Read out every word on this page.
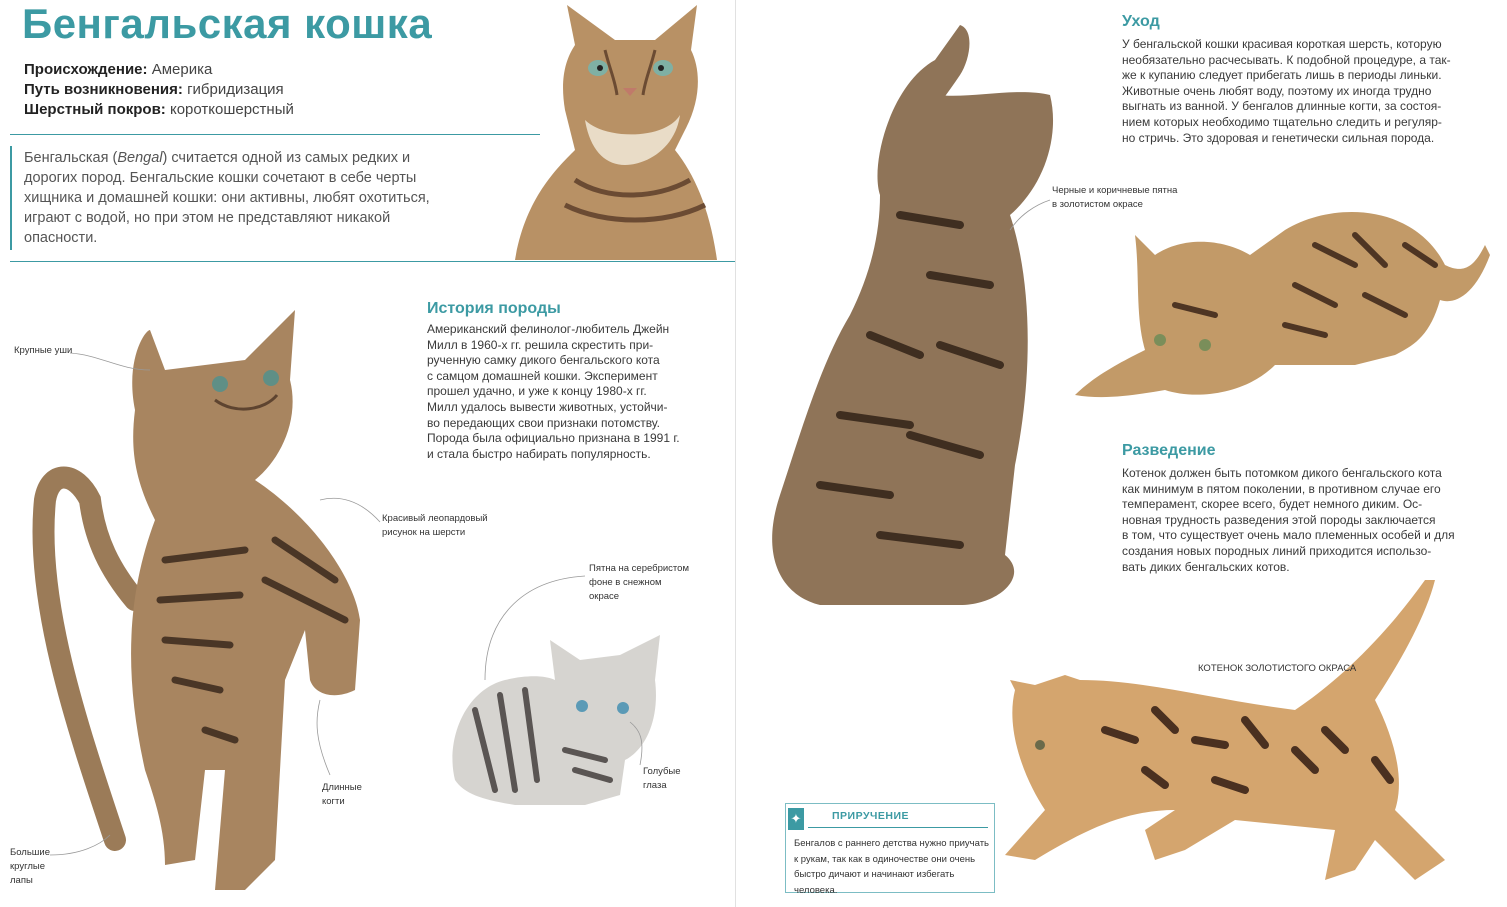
Бенгальская кошка
Происхождение: Америка
Путь возникновения: гибридизация
Шерстный покров: короткошерстный
Бенгальская (Bengal) считается одной из самых редких и дорогих пород. Бенгальские кошки сочетают в себе черты хищника и домашней кошки: они активны, любят охотиться, играют с водой, но при этом не представляют никакой опасности.
История породы
Американский фелинолог-любитель Джейн
Милл в 1960-х гг. решила скрестить при-
рученную самку дикого бенгальского кота
с самцом домашней кошки. Эксперимент
прошел удачно, и уже к концу 1980-х гг.
Милл удалось вывести животных, устойчи-
во передающих свои признаки потомству.
Порода была официально признана в 1991 г.
и стала быстро набирать популярность.
Крупные уши
Красивый леопардовый
рисунок на шерсти
Длинные
когти
Большие
круглые
лапы
Пятна на серебристом
фоне в снежном
окрасе
Голубые
глаза
Уход
У бенгальской кошки красивая короткая шерсть, которую
необязательно расчесывать. К подобной процедуре, а так-
же к купанию следует прибегать лишь в периоды линьки.
Животные очень любят воду, поэтому их иногда трудно
выгнать из ванной. У бенгалов длинные когти, за состоя-
нием которых необходимо тщательно следить и регуляр-
но стричь. Это здоровая и генетически сильная порода.
Разведение
Котенок должен быть потомком дикого бенгальского кота
как минимум в пятом поколении, в противном случае его
темперамент, скорее всего, будет немного диким. Ос-
новная трудность разведения этой породы заключается
в том, что существует очень мало племенных особей и для
создания новых породных линий приходится использо-
вать диких бенгальских котов.
Черные и коричневые пятна
в золотистом окрасе
КОТЕНОК ЗОЛОТИСТОГО ОКРАСА
✦	ПРИРУЧЕНИЕ
Бенгалов с раннего детства нужно приучать
к рукам, так как в одиночестве они очень
быстро дичают и начинают избегать человека.
